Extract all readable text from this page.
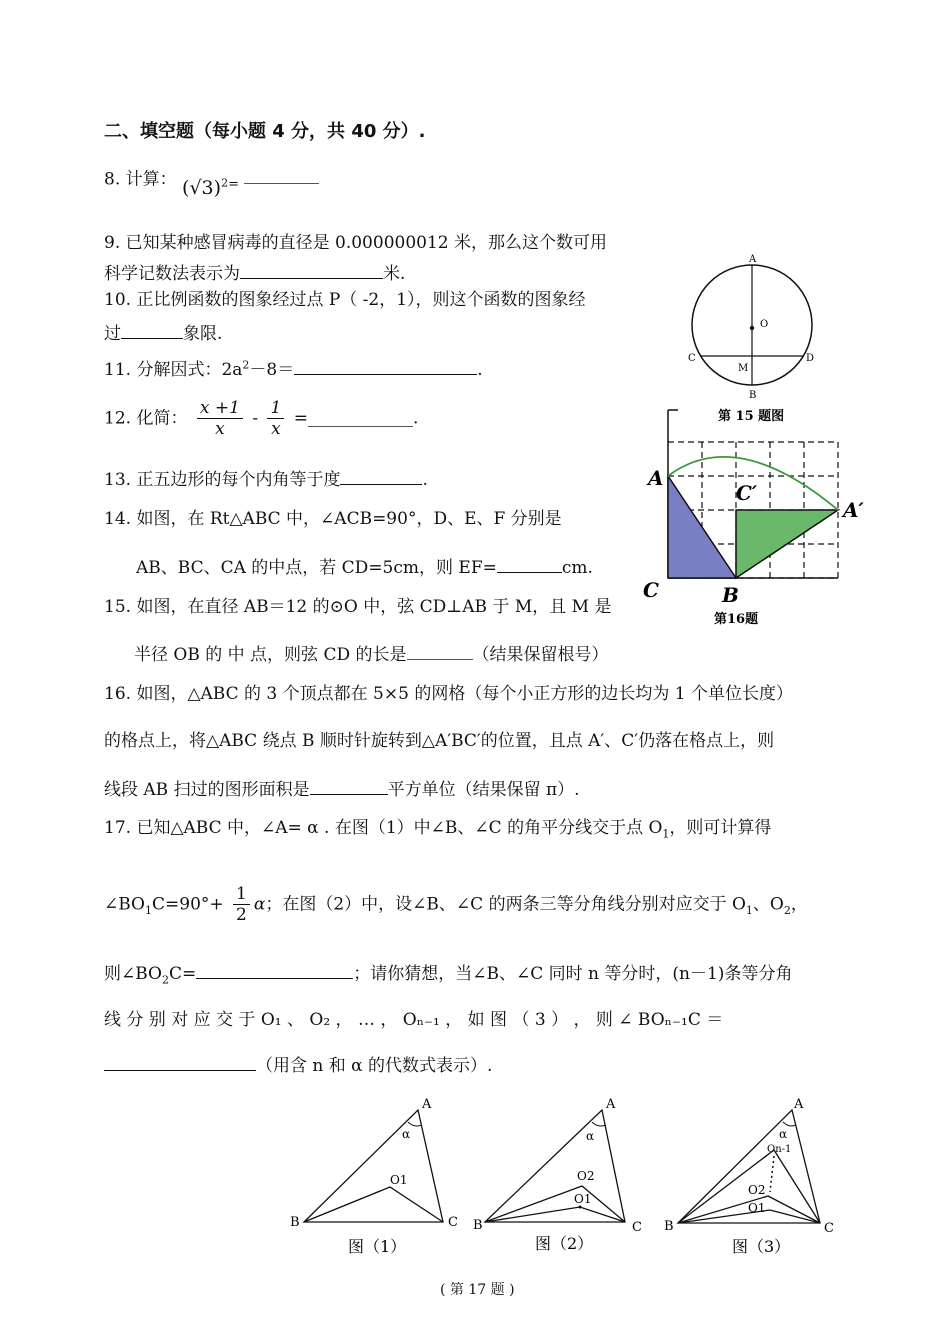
二、填空题（每小题 4 分，共 40 分）.
8. 计算： $(√3)^{2=}$
9. 已知某种感冒病毒的直径是 0.000000012 米，那么这个数可用
科学记数法表示为	米.
10. 正比例函数的图象经过点 P（ -2，1），则这个函数的图象经
过	象限.
11. 分解因式：$2a^2-8=$	.
12. 化简： $\frac{x +1}{x} - \frac{1}{x}$ =	.
13. 正五边形的每个内角等于度	.
14. 如图，在 Rt△ABC 中，∠ACB=90°，D、E、F 分别是
AB、BC、CA 的中点，若 CD=5cm，则 EF=	cm.
15. 如图，在直径 AB＝12 的⊙O 中，弦 CD⊥AB 于 M，且 M 是
半径 OB 的 中 点，则弦 CD 的长是	（结果保留根号）
16. 如图，△ABC 的 3 个顶点都在 5×5 的网格（每个小正方形的边长均为 1 个单位长度）
的格点上，将△ABC 绕点 B 顺时针旋转到△A′BC′的位置，且点 A′、C′仍落在格点上，则
线段 AB 扫过的图形面积是	平方单位（结果保留 π）.
17. 已知△ABC 中，∠A= α . 在图（1）中∠B、∠C 的角平分线交于点 $O_1$，则可计算得
$\angle BO_1C=90^\circ+ \frac{1}{2}$ α；在图（2）中，设∠B、∠C 的两条三等分角线分别对应交于 $O_1$、$O_2$，
则$\angle BO_2C=$	；请你猜想，当∠B、∠C 同时 n 等分时，(n－1)条等分角
线 分 别 对 应 交 于 O₁ 、 O₂ ， … ， Oₙ₋₁ ， 如 图 （ 3 ） ， 则 ∠ BOₙ₋₁C ＝
（用含 n 和 α 的代数式表示）.
A
O
C	D
M
B
第 15 题图
A
C′
A′
C	B
第16题
A
α
O1
B	C
图（1）
A
α
O2
O1
B	C
图（2）
A
α
On-1
O2
O1
B	C
图（3）
( 第 17 题 )
